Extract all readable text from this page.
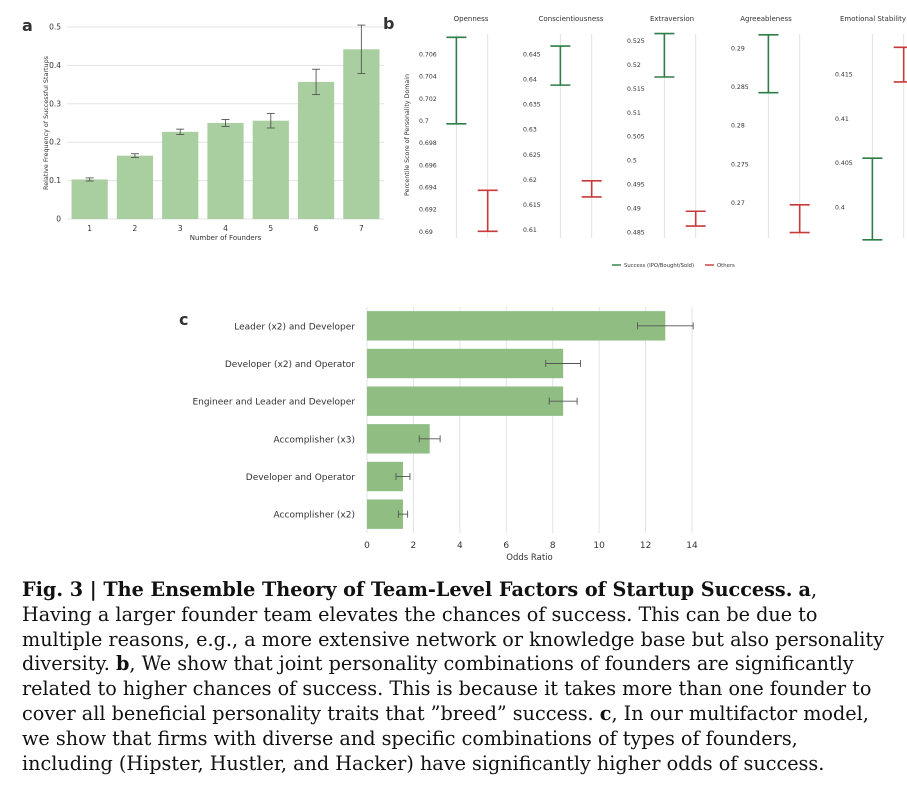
a
0
0.1
0.2
0.3
0.4
0.5
1	2	3	4	5	6	7
Number of Founders
Relative Frequency of Successful Startups
b
Percentile Score of Personality Domain
Openness
0.69
0.692
0.694
0.696
0.698
0.7
0.702
0.704
0.706
Conscientiousness
0.61
0.615
0.62
0.625
0.63
0.635
0.64
0.645
Extraversion
0.485
0.49
0.495
0.5
0.505
0.51
0.515
0.52
0.525
Agreeableness
0.27
0.275
0.28
0.285
0.29
Emotional Stability
0.4
0.405
0.41
0.415
Success (IPO/Bought/Sold)	Others
c
0	2	4	6	8	10	12	14
Leader (x2) and Developer
Developer (x2) and Operator
Engineer and Leader and Developer
Accomplisher (x3)
Developer and Operator
Accomplisher (x2)
Odds Ratio
Fig. 3 | The Ensemble Theory of Team-Level Factors of Startup Success. a, Having a larger founder team elevates the chances of success. This can be due to multiple reasons, e.g., a more extensive network or knowledge base but also personality diversity. b, We show that joint personality combinations of founders are significantly related to higher chances of success. This is because it takes more than one founder to cover all beneficial personality traits that ”breed” success. c, In our multifactor model, we show that firms with diverse and specific combinations of types of founders, including (Hipster, Hustler, and Hacker) have significantly higher odds of success.
